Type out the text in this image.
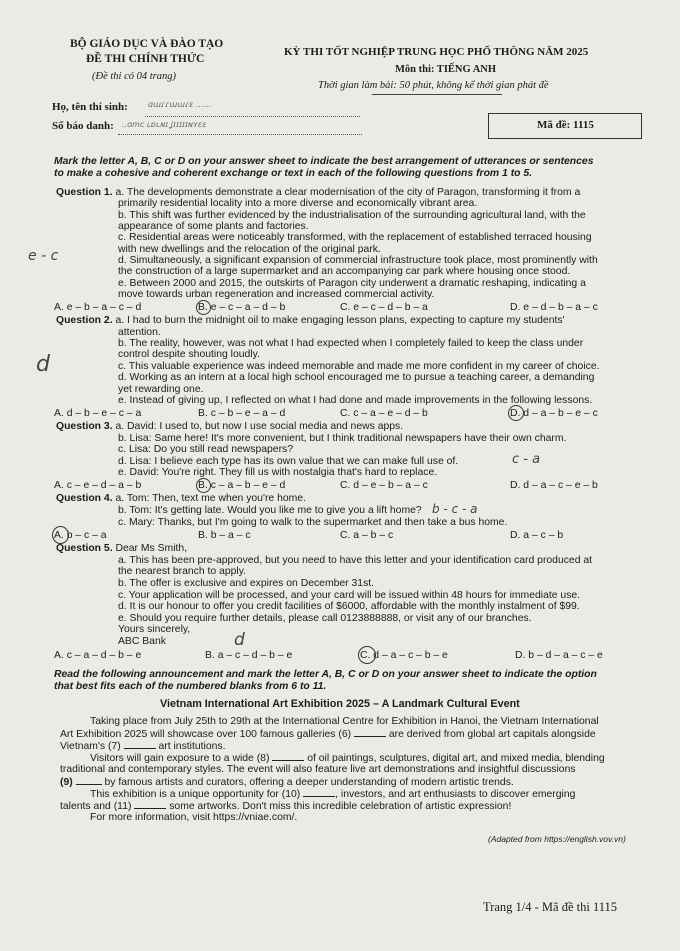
BỘ GIÁO DỤC VÀ ĐÀO TẠO
ĐỀ THI CHÍNH THỨC
(Đề thi có 04 trang)
KỲ THI TỐT NGHIỆP TRUNG HỌC PHỔ THÔNG NĂM 2025
Môn thi: TIẾNG ANH
Thời gian làm bài: 50 phút, không kể thời gian phát đề
Họ, tên thí sinh:	ɑɯɾɾɯɯɾɛ ......
Số báo danh: ..ɑmc ʟɒʟɴɪ ʝɪɪɪɪɪɴʏɛɛ	Mã đề: 1115
Mark the letter A, B, C or D on your answer sheet to indicate the best arrangement of utterances or sentences
to make a cohesive and coherent exchange or text in each of the following questions from 1 to 5.
Question 1. a. The developments demonstrate a clear modernisation of the city of Paragon, transforming it from a
primarily residential locality into a more diverse and economically vibrant area.
b. This shift was further evidenced by the industrialisation of the surrounding agricultural land, with the
appearance of some plants and factories.
c. Residential areas were noticeably transformed, with the replacement of established terraced housing
with new dwellings and the relocation of the original park.
d. Simultaneously, a significant expansion of commercial infrastructure took place, most prominently with
the construction of a large supermarket and an accompanying car park where housing once stood.
e. Between 2000 and 2015, the outskirts of Paragon city underwent a dramatic reshaping, indicating a
move towards urban regeneration and increased commercial activity.
e - c
A. e – b – a – c – d	B. e – c – a – d – b	C. e – c – d – b – a	D. e – d – b – a – c
Question 2. a. I had to burn the midnight oil to make engaging lesson plans, expecting to capture my students'
attention.
b. The reality, however, was not what I had expected when I completely failed to keep the class under
control despite shouting loudly.
c. This valuable experience was indeed memorable and made me more confident in my career of choice.
d. Working as an intern at a local high school encouraged me to pursue a teaching career, a demanding
yet rewarding one.
e. Instead of giving up, I reflected on what I had done and made improvements in the following lessons.
d
A. d – b – e – c – a	B. c – b – e – a – d	C. c – a – e – d – b	D. d – a – b – e – c
Question 3. a. David: I used to, but now I use social media and news apps.
b. Lisa: Same here! It's more convenient, but I think traditional newspapers have their own charm.
c. Lisa: Do you still read newspapers?
d. Lisa: I believe each type has its own value that we can make full use of.
e. David: You're right. They fill us with nostalgia that's hard to replace.
c - a
A. c – e – d – a – b	B. c – a – b – e – d	C. d – e – b – a – c	D. d – a – c – e – b
Question 4. a. Tom: Then, text me when you're home.
b. Tom: It's getting late. Would you like me to give you a lift home?
c. Mary: Thanks, but I'm going to walk to the supermarket and then take a bus home.
b - c - a
A. b – c – a	B. b – a – c	C. a – b – c	D. a – c – b
Question 5. Dear Ms Smith,
a. This has been pre-approved, but you need to have this letter and your identification card produced at
the nearest branch to apply.
b. The offer is exclusive and expires on December 31st.
c. Your application will be processed, and your card will be issued within 48 hours for immediate use.
d. It is our honour to offer you credit facilities of $6000, affordable with the monthly instalment of $99.
e. Should you require further details, please call 0123888888, or visit any of our branches.
Yours sincerely,
ABC Bank	d
A. c – a – d – b – e	B. a – c – d – b – e	C. d – a – c – b – e	D. b – d – a – c – e
Read the following announcement and mark the letter A, B, C or D on your answer sheet to indicate the option
that best fits each of the numbered blanks from 6 to 11.
Vietnam International Art Exhibition 2025 – A Landmark Cultural Event
Taking place from July 25th to 29th at the International Centre for Exhibition in Hanoi, the Vietnam International
Art Exhibition 2025 will showcase over 100 famous galleries (6)	are derived from global art capitals alongside
Vietnam's (7)	art institutions.
Visitors will gain exposure to a wide (8)	of oil paintings, sculptures, digital art, and mixed media, blending
traditional and contemporary styles. The event will also feature live art demonstrations and insightful discussions
(9)	by famous artists and curators, offering a deeper understanding of modern artistic trends.
This exhibition is a unique opportunity for (10)	, investors, and art enthusiasts to discover emerging
talents and (11)	some artworks. Don't miss this incredible celebration of artistic expression!
For more information, visit https://vniae.com/.
(Adapted from https://english.vov.vn)
Trang 1/4 - Mã đề thi 1115
